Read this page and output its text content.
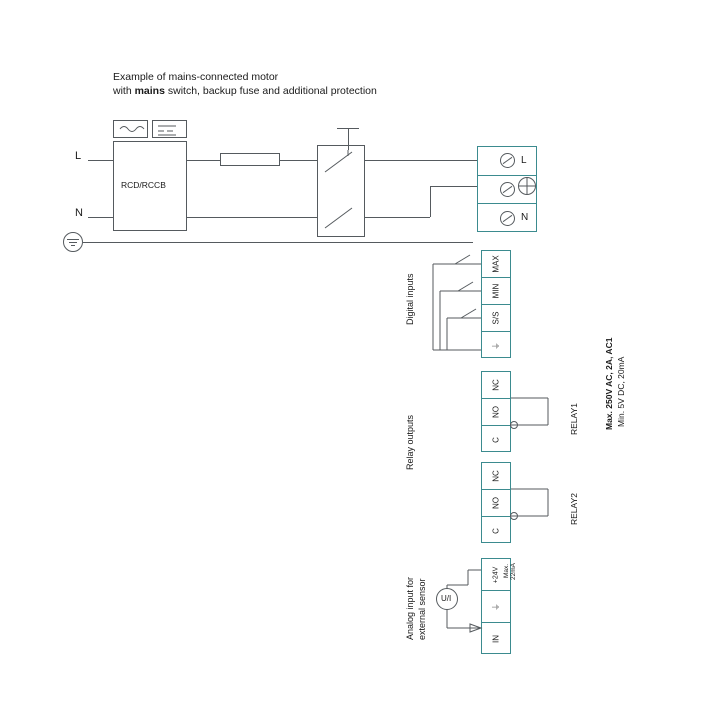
Example of mains-connected motor
with mains switch, backup fuse and additional protection
RCD/RCCB
L
N
L
N
MAX
MIN
S/S
⏚
Digital inputs
NC
NO
C
NC
NO
C
Relay outputs	RELAY1
RELAY2
Max. 250V AC, 2A, AC1 Min. 5V DC, 20mA
+24V
⏚
IN
Max. 22mA
U/I
Analog input for external sensor
